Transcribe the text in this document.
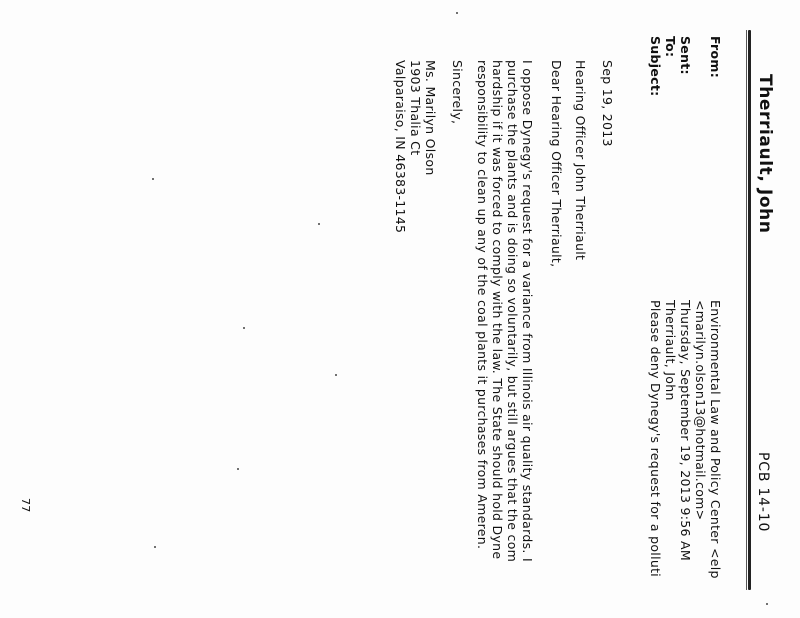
Therriault, John
PCB 14-10
From:
Sent:
To:
Subject:
Environmental Law and Policy Center <elp
<marilyn.olson13@hotmail.com>
Thursday, September 19, 2013 9:56 AM
Therriault, John
Please deny Dynegy's request for a polluti
Sep 19, 2013
Hearing Officer John Therriault
Dear Hearing Officer Therriault,
I oppose Dynegy's request for a variance from Illinois air quality standards. I
purchase the plants and is doing so voluntarily, but still argues that the com
hardship if it was forced to comply with the law. The State should hold Dyne
responsibility to clean up any of the coal plants it purchases from Ameren.
Sincerely,
Ms. Marilyn Olson
1903 Thalia Ct
Valparaiso, IN 46383-1145
77
